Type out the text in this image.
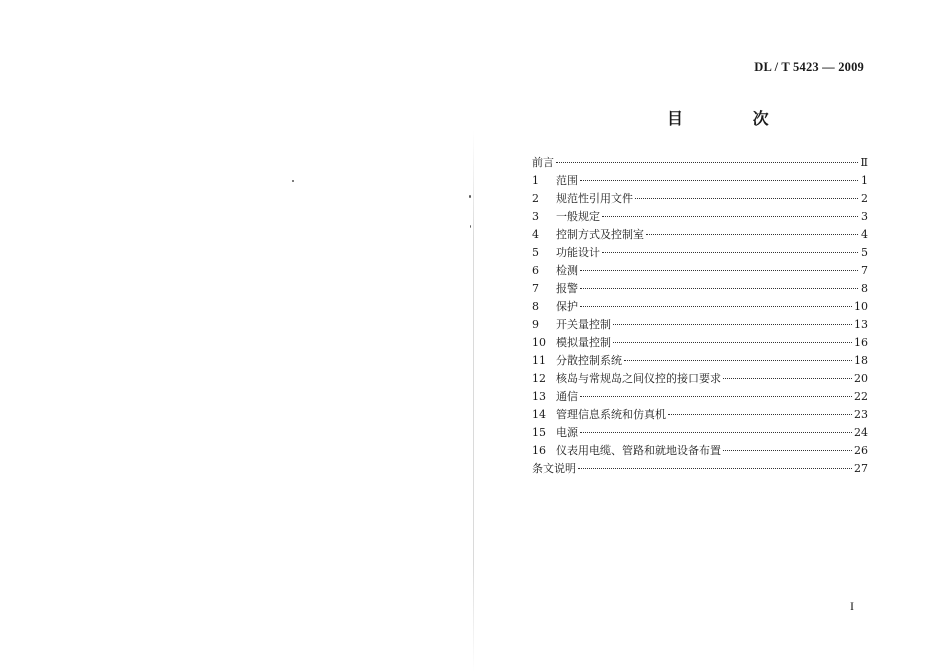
DL / T 5423 — 2009
目 次
前言	Ⅱ
1	范围	1
2	规范性引用文件	2
3	一般规定	3
4	控制方式及控制室	4
5	功能设计	5
6	检测	7
7	报警	8
8	保护	10
9	开关量控制	13
10 模拟量控制	16
11 分散控制系统	18
12 核岛与常规岛之间仪控的接口要求	20
13 通信	22
14 管理信息系统和仿真机	23
15 电源	24
16 仪表用电缆、管路和就地设备布置	26
条文说明	27
I
